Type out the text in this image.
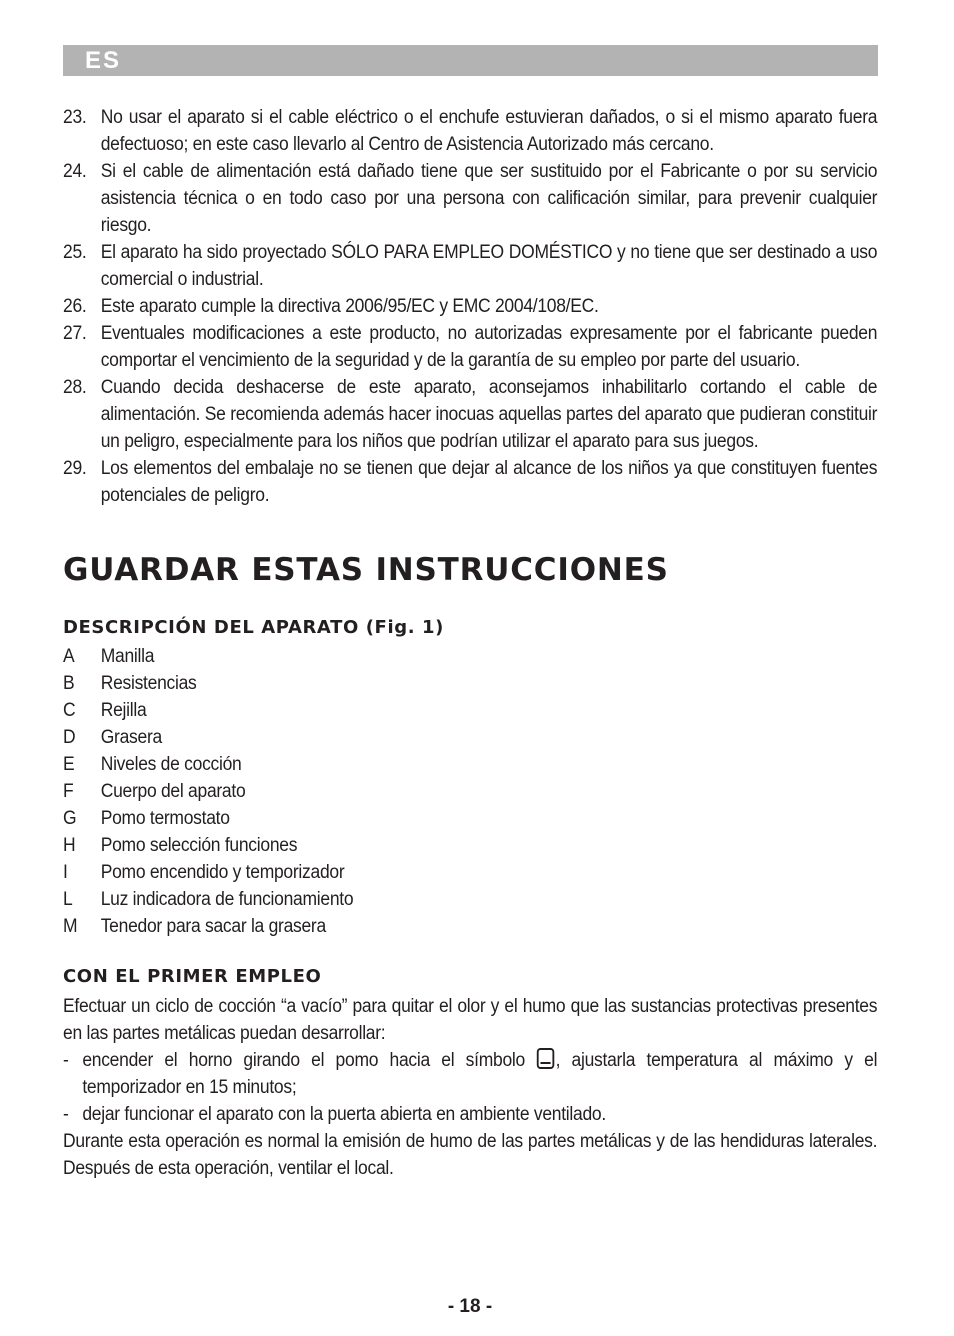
ES
23. No usar el aparato si el cable eléctrico o el enchufe estuvieran dañados, o si el mismo aparato fuera defectuoso; en este caso llevarlo al Centro de Asistencia Autorizado más cercano.
24. Si el cable de alimentación está dañado tiene que ser sustituido por el Fabricante o por su servicio asistencia técnica o en todo caso por una persona con calificación similar, para prevenir cualquier riesgo.
25. El aparato ha sido proyectado SÓLO PARA EMPLEO DOMÉSTICO y no tiene que ser destinado a uso comercial o industrial.
26. Este aparato cumple la directiva 2006/95/EC y EMC 2004/108/EC.
27. Eventuales modificaciones a este producto, no autorizadas expresamente por el fabricante pueden comportar el vencimiento de la seguridad y de la garantía de su empleo por parte del usuario.
28. Cuando decida deshacerse de este aparato, aconsejamos inhabilitarlo cortando el cable de alimentación. Se recomienda además hacer inocuas aquellas partes del aparato que pudieran constituir un peligro, especialmente para los niños que podrían utilizar el aparato para sus juegos.
29. Los elementos del embalaje no se tienen que dejar al alcance de los niños ya que constituyen fuentes potenciales de peligro.
GUARDAR ESTAS INSTRUCCIONES
DESCRIPCIÓN DEL APARATO (Fig. 1)
A	Manilla
B	Resistencias
C	Rejilla
D	Grasera
E	Niveles de cocción
F	Cuerpo del aparato
G	Pomo termostato
H	Pomo selección funciones
I	Pomo encendido y temporizador
L	Luz indicadora de funcionamiento
M	Tenedor para sacar la grasera
CON EL PRIMER EMPLEO

Efectuar un ciclo de cocción “a vacío” para quitar el olor y el humo que las sustancias protectivas presentes en las partes metálicas puedan desarrollar:

- encender el horno girando el pomo hacia el símbolo , ajustarla temperatura al máximo y el temporizador en 15 minutos;
- dejar funcionar el aparato con la puerta abierta en ambiente ventilado.

Durante esta operación es normal la emisión de humo de las partes metálicas y de las hendiduras laterales. Después de esta operación, ventilar el local.

- 18 -
